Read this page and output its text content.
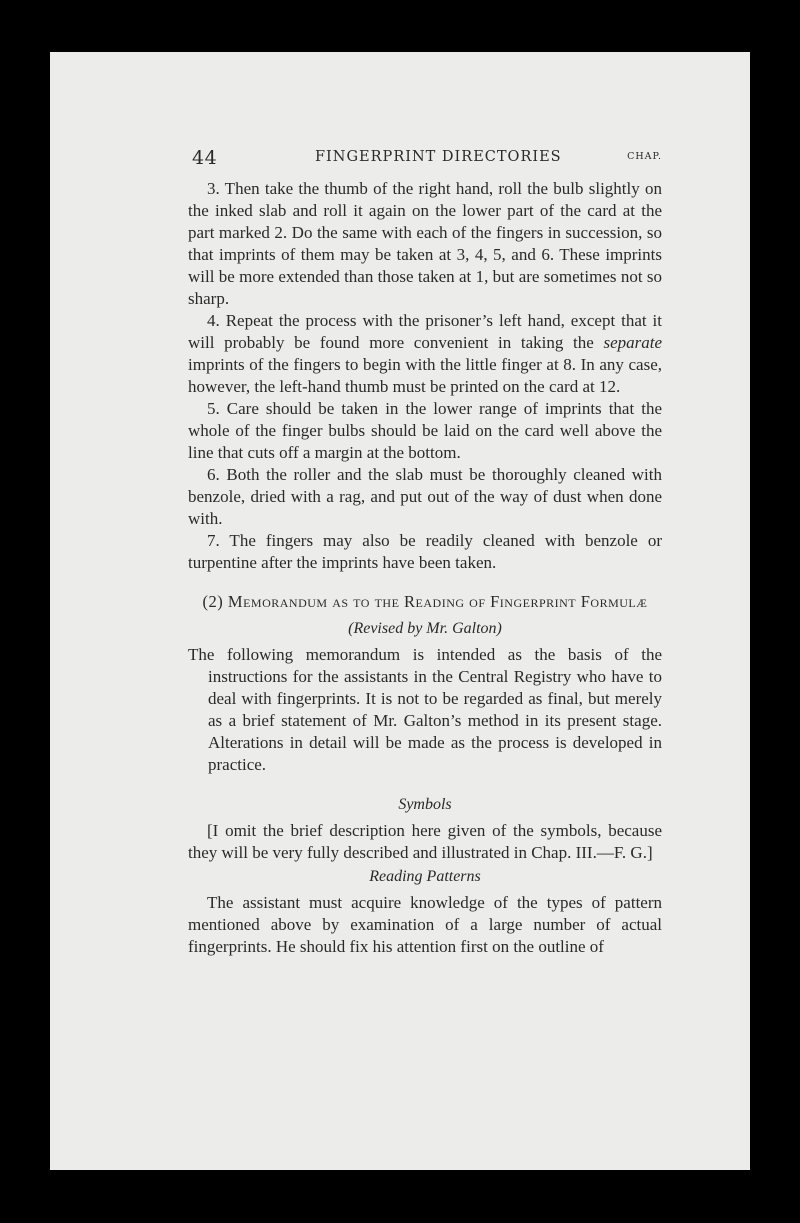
44	FINGERPRINT DIRECTORIES	CHAP.

3. Then take the thumb of the right hand, roll the bulb slightly on the inked slab and roll it again on the lower part of the card at the part marked 2. Do the same with each of the fingers in succession, so that imprints of them may be taken at 3, 4, 5, and 6. These imprints will be more extended than those taken at 1, but are sometimes not so sharp.

4. Repeat the process with the prisoner’s left hand, except that it will probably be found more convenient in taking the separate imprints of the fingers to begin with the little finger at 8. In any case, however, the left-hand thumb must be printed on the card at 12.

5. Care should be taken in the lower range of imprints that the whole of the finger bulbs should be laid on the card well above the line that cuts off a margin at the bottom.

6. Both the roller and the slab must be thoroughly cleaned with benzole, dried with a rag, and put out of the way of dust when done with.

7. The fingers may also be readily cleaned with benzole or turpentine after the imprints have been taken.

(2) Memorandum as to the Reading of Fingerprint Formulæ

(Revised by Mr. Galton)

The following memorandum is intended as the basis of the instructions for the assistants in the Central Registry who have to deal with fingerprints. It is not to be regarded as final, but merely as a brief statement of Mr. Galton’s method in its present stage. Alterations in detail will be made as the process is developed in practice.

Symbols

[I omit the brief description here given of the symbols, because they will be very fully described and illustrated in Chap. III.—F. G.]

Reading Patterns

The assistant must acquire knowledge of the types of pattern mentioned above by examination of a large number of actual fingerprints. He should fix his attention first on the outline of
